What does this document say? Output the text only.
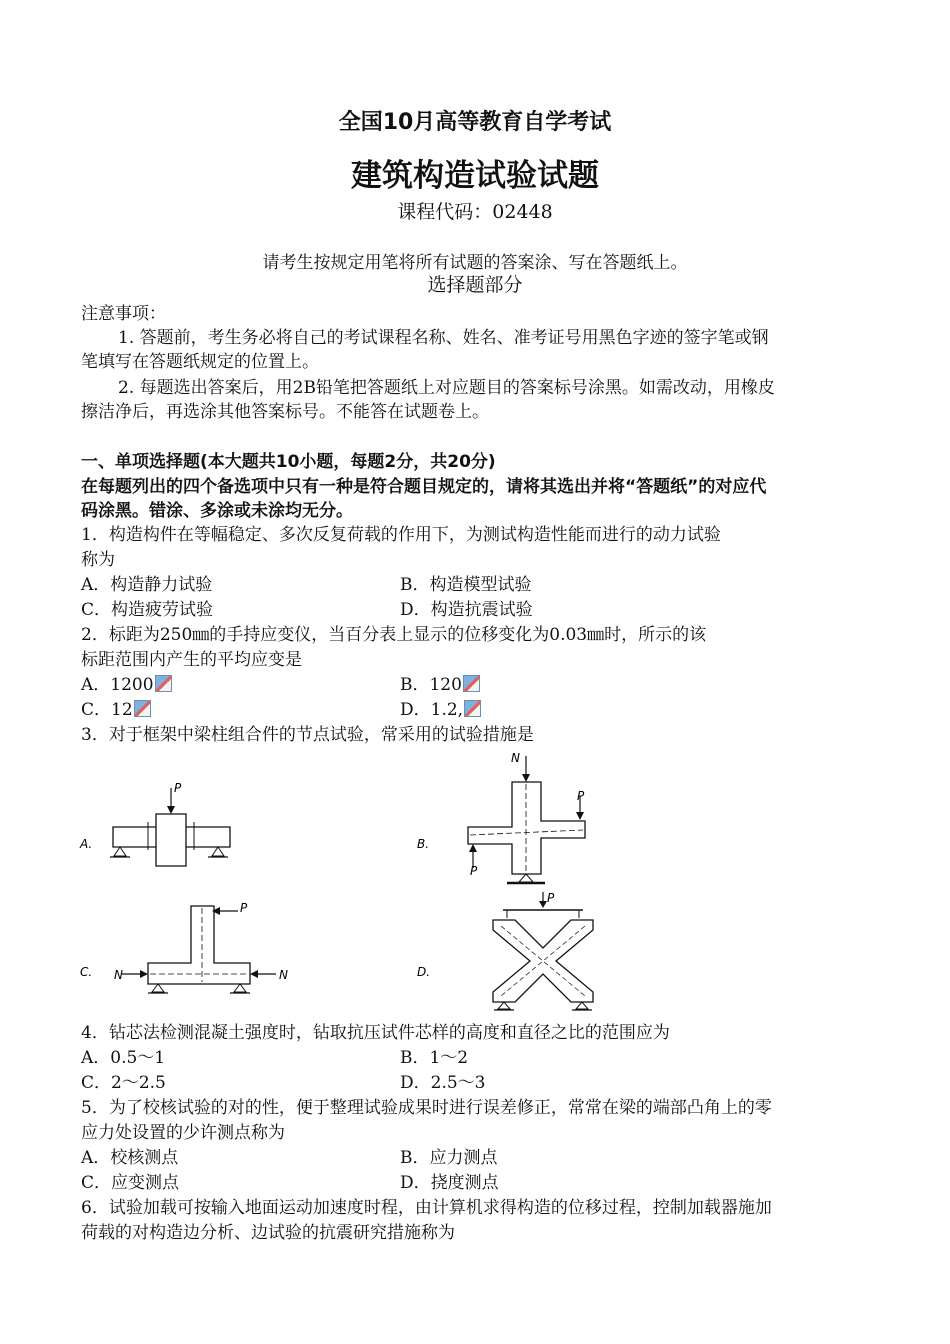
全国10月高等教育自学考试
建筑构造试验试题
课程代码：02448
请考生按规定用笔将所有试题的答案涂、写在答题纸上。
选择题部分
注意事项：
1. 答题前，考生务必将自己的考试课程名称、姓名、准考证号用黑色字迹的签字笔或钢
笔填写在答题纸规定的位置上。
2. 每题选出答案后，用2B铅笔把答题纸上对应题目的答案标号涂黑。如需改动，用橡皮
擦洁净后，再选涂其他答案标号。不能答在试题卷上。
一、单项选择题(本大题共10小题，每题2分，共20分)
在每题列出的四个备选项中只有一种是符合题目规定的，请将其选出并将“答题纸”的对应代
码涂黑。错涂、多涂或未涂均无分。
1．构造构件在等幅稳定、多次反复荷载的作用下，为测试构造性能而进行的动力试验
称为
A．构造静力试验	B．构造模型试验
C．构造疲劳试验	D．构造抗震试验
2．标距为250㎜的手持应变仪，当百分表上显示的位移变化为0.03㎜时，所示的该
标距范围内产生的平均应变是
A．1200	B．120
C．12	D．1.2,
3．对于框架中梁柱组合件的节点试验，常采用的试验措施是
A.
P
B.
N
P
P
C.
P
N	N	D.
P
4．钻芯法检测混凝土强度时，钻取抗压试件芯样的高度和直径之比的范围应为
A．0.5～1	B．1～2
C．2～2.5	D．2.5～3
5．为了校核试验的对的性，便于整理试验成果时进行误差修正，常常在梁的端部凸角上的零
应力处设置的少许测点称为
A．校核测点	B．应力测点
C．应变测点	D．挠度测点
6．试验加载可按输入地面运动加速度时程，由计算机求得构造的位移过程，控制加载器施加
荷载的对构造边分析、边试验的抗震研究措施称为
